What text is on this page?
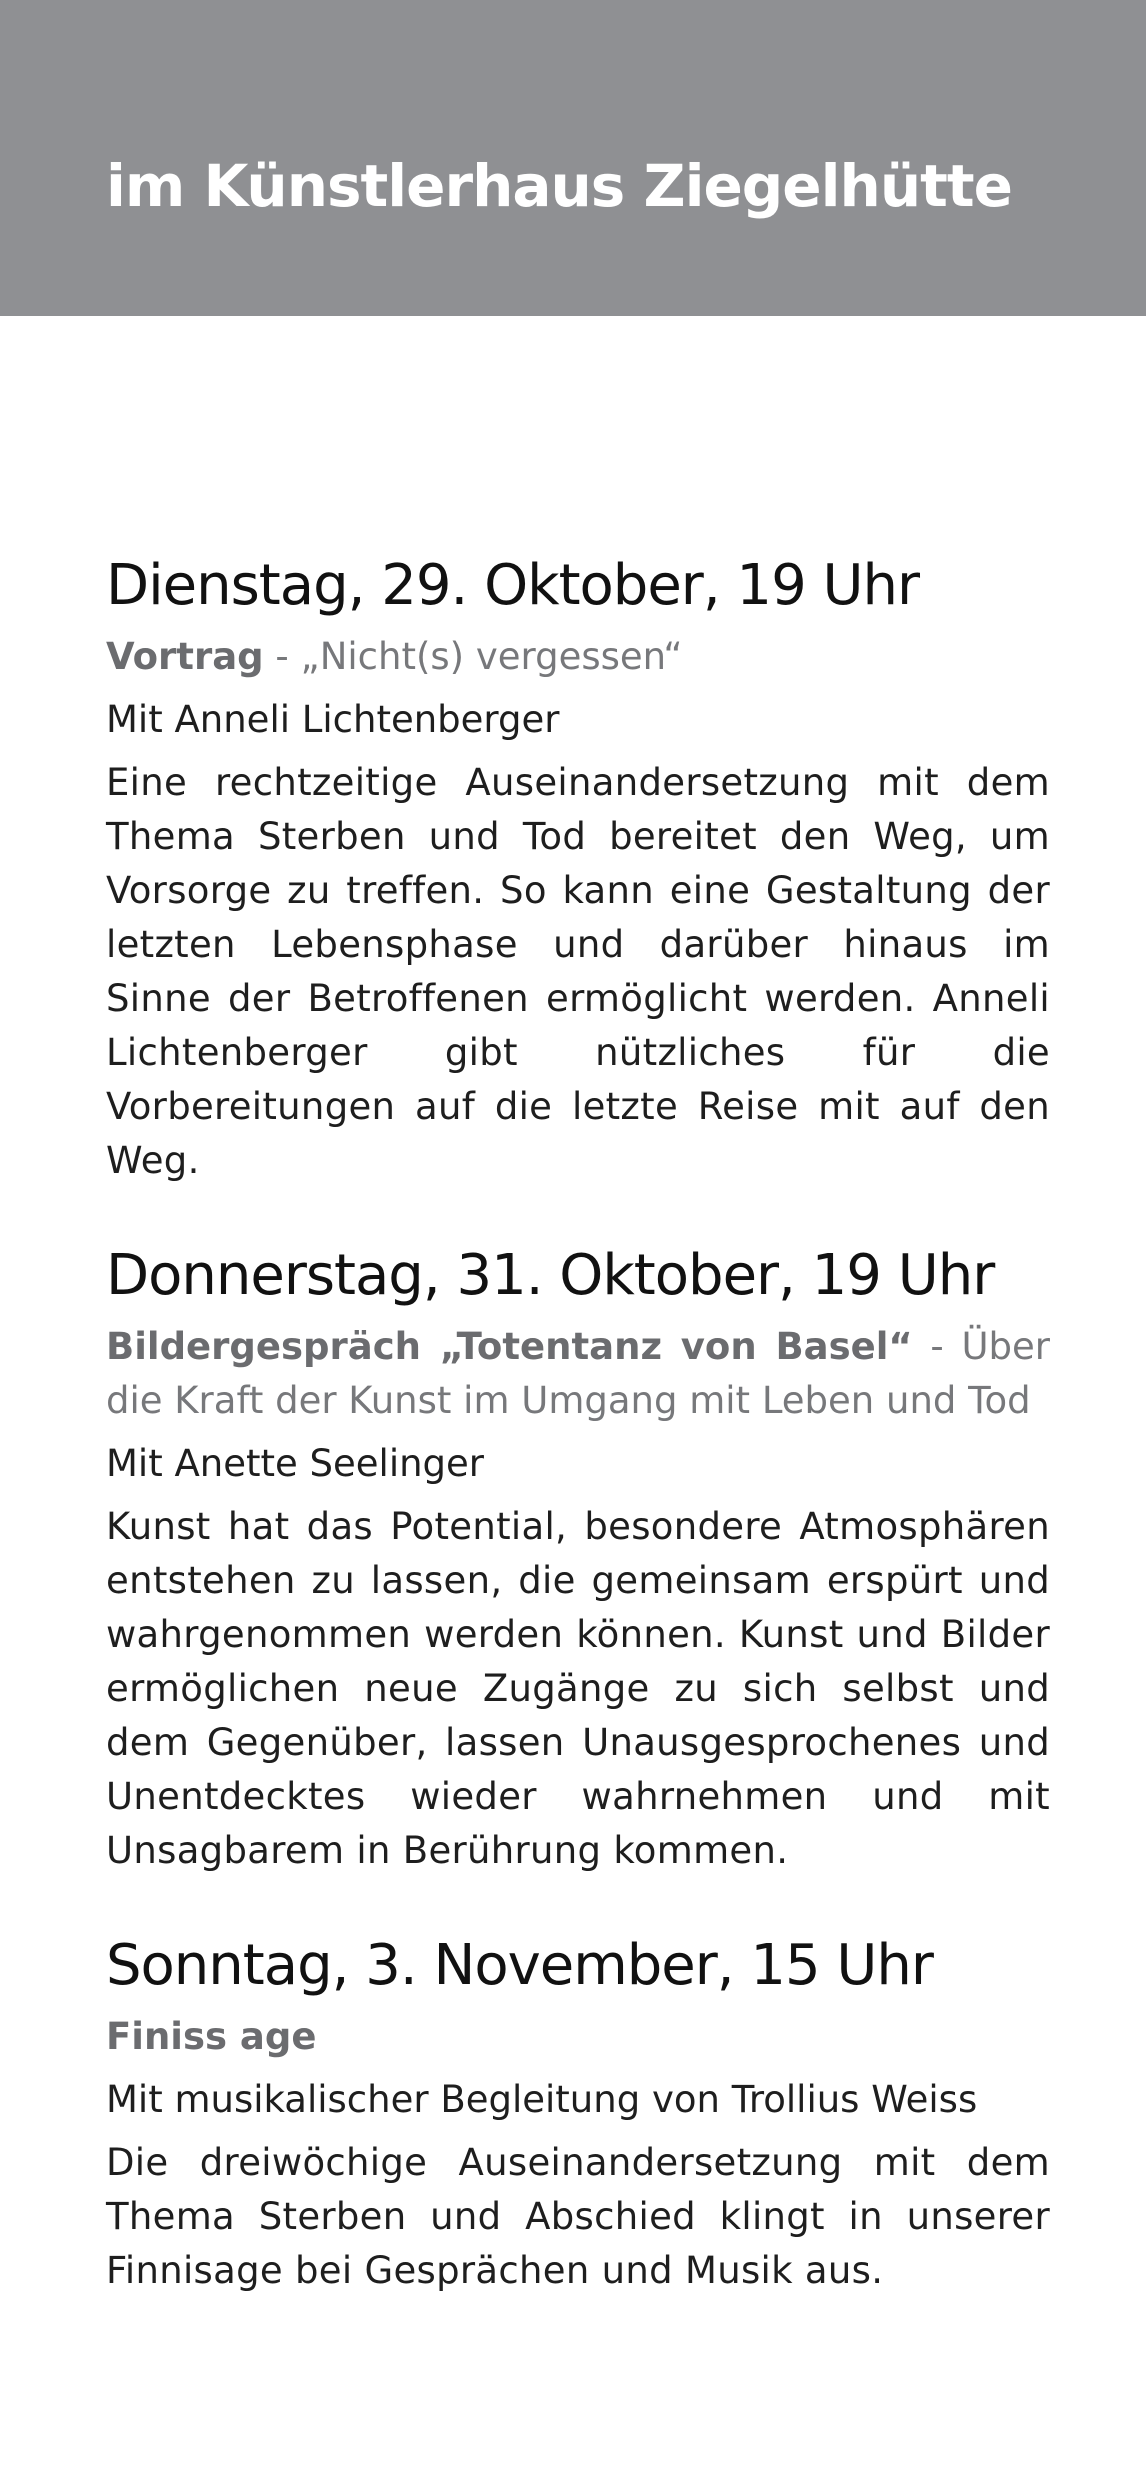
im Künstlerhaus Ziegelhütte
Dienstag, 29. Oktober, 19 Uhr

Vortrag - „Nicht(s) vergessen“

Mit Anneli Lichtenberger

Eine rechtzeitige Auseinandersetzung mit dem Thema Sterben und Tod bereitet den Weg, um Vorsorge zu treffen. So kann eine Gestaltung der letzten Lebensphase und darüber hinaus im Sinne der Betroffenen ermöglicht werden. Anneli Lichtenberger gibt nützliches für die Vorbereitungen auf die letzte Reise mit auf den Weg.

Donnerstag, 31. Oktober, 19 Uhr

Bildergespräch „Totentanz von Basel“ - Über die Kraft der Kunst im Umgang mit Leben und Tod

Mit Anette Seelinger

Kunst hat das Potential, besondere Atmosphären entstehen zu lassen, die gemeinsam erspürt und wahrgenommen werden können. Kunst und Bilder ermöglichen neue Zugänge zu sich selbst und dem Gegenüber, lassen Unausgesprochenes und Unentdecktes wieder wahrnehmen und mit Unsagbarem in Berührung kommen.

Sonntag, 3. November, 15 Uhr

Finiss age

Mit musikalischer Begleitung von Trollius Weiss

Die dreiwöchige Auseinandersetzung mit dem Thema Sterben und Abschied klingt in unserer Finnisage bei Gesprächen und Musik aus.
